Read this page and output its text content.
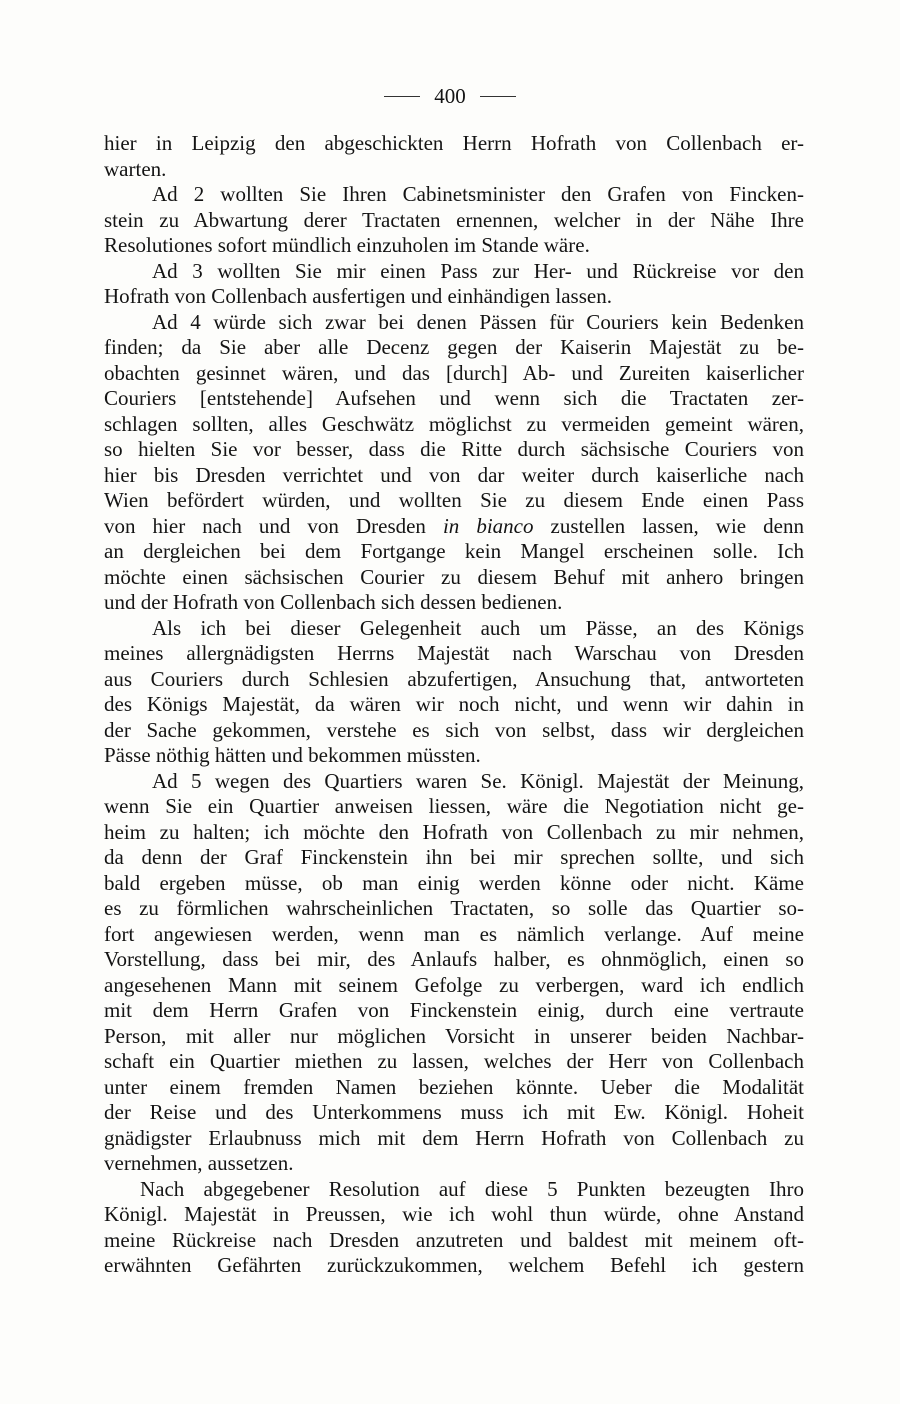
400
hier in Leipzig den abgeschickten Herrn Hofrath von Collenbach er-
warten.
Ad 2 wollten Sie Ihren Cabinetsminister den Grafen von Fincken-
stein zu Abwartung derer Tractaten ernennen, welcher in der Nähe Ihre
Resolutiones sofort mündlich einzuholen im Stande wäre.
Ad 3 wollten Sie mir einen Pass zur Her- und Rückreise vor den
Hofrath von Collenbach ausfertigen und einhändigen lassen.
Ad 4 würde sich zwar bei denen Pässen für Couriers kein Bedenken
finden; da Sie aber alle Decenz gegen der Kaiserin Majestät zu be-
obachten gesinnet wären, und das [durch] Ab- und Zureiten kaiserlicher
Couriers [entstehende] Aufsehen und wenn sich die Tractaten zer-
schlagen sollten, alles Geschwätz möglichst zu vermeiden gemeint wären,
so hielten Sie vor besser, dass die Ritte durch sächsische Couriers von
hier bis Dresden verrichtet und von dar weiter durch kaiserliche nach
Wien befördert würden, und wollten Sie zu diesem Ende einen Pass
von hier nach und von Dresden in bianco zustellen lassen, wie denn
an dergleichen bei dem Fortgange kein Mangel erscheinen solle. Ich
möchte einen sächsischen Courier zu diesem Behuf mit anhero bringen
und der Hofrath von Collenbach sich dessen bedienen.
Als ich bei dieser Gelegenheit auch um Pässe, an des Königs
meines allergnädigsten Herrns Majestät nach Warschau von Dresden
aus Couriers durch Schlesien abzufertigen, Ansuchung that, antworteten
des Königs Majestät, da wären wir noch nicht, und wenn wir dahin in
der Sache gekommen, verstehe es sich von selbst, dass wir dergleichen
Pässe nöthig hätten und bekommen müssten.
Ad 5 wegen des Quartiers waren Se. Königl. Majestät der Meinung,
wenn Sie ein Quartier anweisen liessen, wäre die Negotiation nicht ge-
heim zu halten; ich möchte den Hofrath von Collenbach zu mir nehmen,
da denn der Graf Finckenstein ihn bei mir sprechen sollte, und sich
bald ergeben müsse, ob man einig werden könne oder nicht. Käme
es zu förmlichen wahrscheinlichen Tractaten, so solle das Quartier so-
fort angewiesen werden, wenn man es nämlich verlange. Auf meine
Vorstellung, dass bei mir, des Anlaufs halber, es ohnmöglich, einen so
angesehenen Mann mit seinem Gefolge zu verbergen, ward ich endlich
mit dem Herrn Grafen von Finckenstein einig, durch eine vertraute
Person, mit aller nur möglichen Vorsicht in unserer beiden Nachbar-
schaft ein Quartier miethen zu lassen, welches der Herr von Collenbach
unter einem fremden Namen beziehen könnte. Ueber die Modalität
der Reise und des Unterkommens muss ich mit Ew. Königl. Hoheit
gnädigster Erlaubnuss mich mit dem Herrn Hofrath von Collenbach zu
vernehmen, aussetzen.
Nach abgegebener Resolution auf diese 5 Punkten bezeugten Ihro
Königl. Majestät in Preussen, wie ich wohl thun würde, ohne Anstand
meine Rückreise nach Dresden anzutreten und baldest mit meinem oft-
erwähnten Gefährten zurückzukommen, welchem Befehl ich gestern
